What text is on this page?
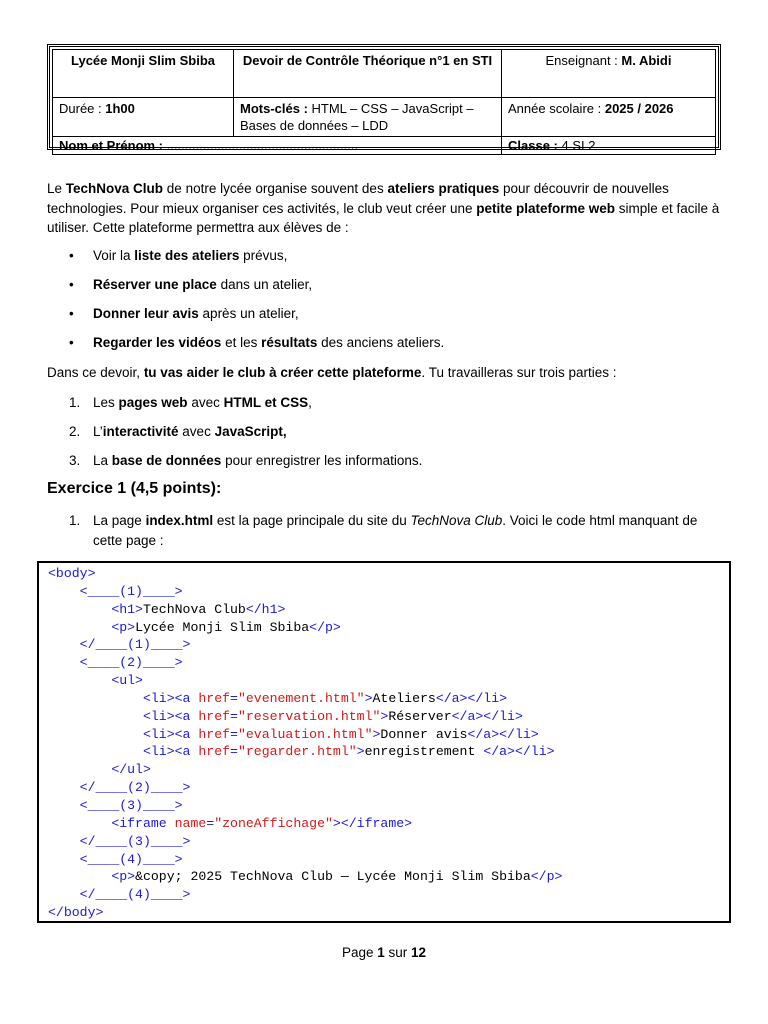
Lycée Monji Slim Sbiba	Devoir de Contrôle Théorique n°1 en STI	Enseignant : M. Abidi
Durée : 1h00	Mots-clés : HTML – CSS – JavaScript – Bases de données – LDD	Année scolaire : 2025 / 2026
Nom et Prénom : .....................................................		Classe : 4 SI 2

Le TechNova Club de notre lycée organise souvent des ateliers pratiques pour découvrir de nouvelles technologies. Pour mieux organiser ces activités, le club veut créer une petite plateforme web simple et facile à utiliser. Cette plateforme permettra aux élèves de :

• Voir la liste des ateliers prévus,
• Réserver une place dans un atelier,
• Donner leur avis après un atelier,
• Regarder les vidéos et les résultats des anciens ateliers.

Dans ce devoir, tu vas aider le club à créer cette plateforme. Tu travailleras sur trois parties :

1. Les pages web avec HTML et CSS,
2. L’interactivité avec JavaScript,
3. La base de données pour enregistrer les informations.
Exercice 1 (4,5 points):
1. La page index.html est la page principale du site du TechNova Club. Voici le code html manquant de cette page :
<body>
<____(1)____>
<h1>TechNova Club</h1>
<p>Lycée Monji Slim Sbiba</p>
</____(1)____>
<____(2)____>
<ul>
<li><a href="evenement.html">Ateliers</a></li>
<li><a href="reservation.html">Réserver</a></li>
<li><a href="evaluation.html">Donner avis</a></li>
<li><a href="regarder.html">enregistrement </a></li>
</ul>
</____(2)____>
<____(3)____>
<iframe name="zoneAffichage"></iframe>
</____(3)____>
<____(4)____>
<p>&copy; 2025 TechNova Club — Lycée Monji Slim Sbiba</p>
</____(4)____>
</body>
Page 1 sur 12
